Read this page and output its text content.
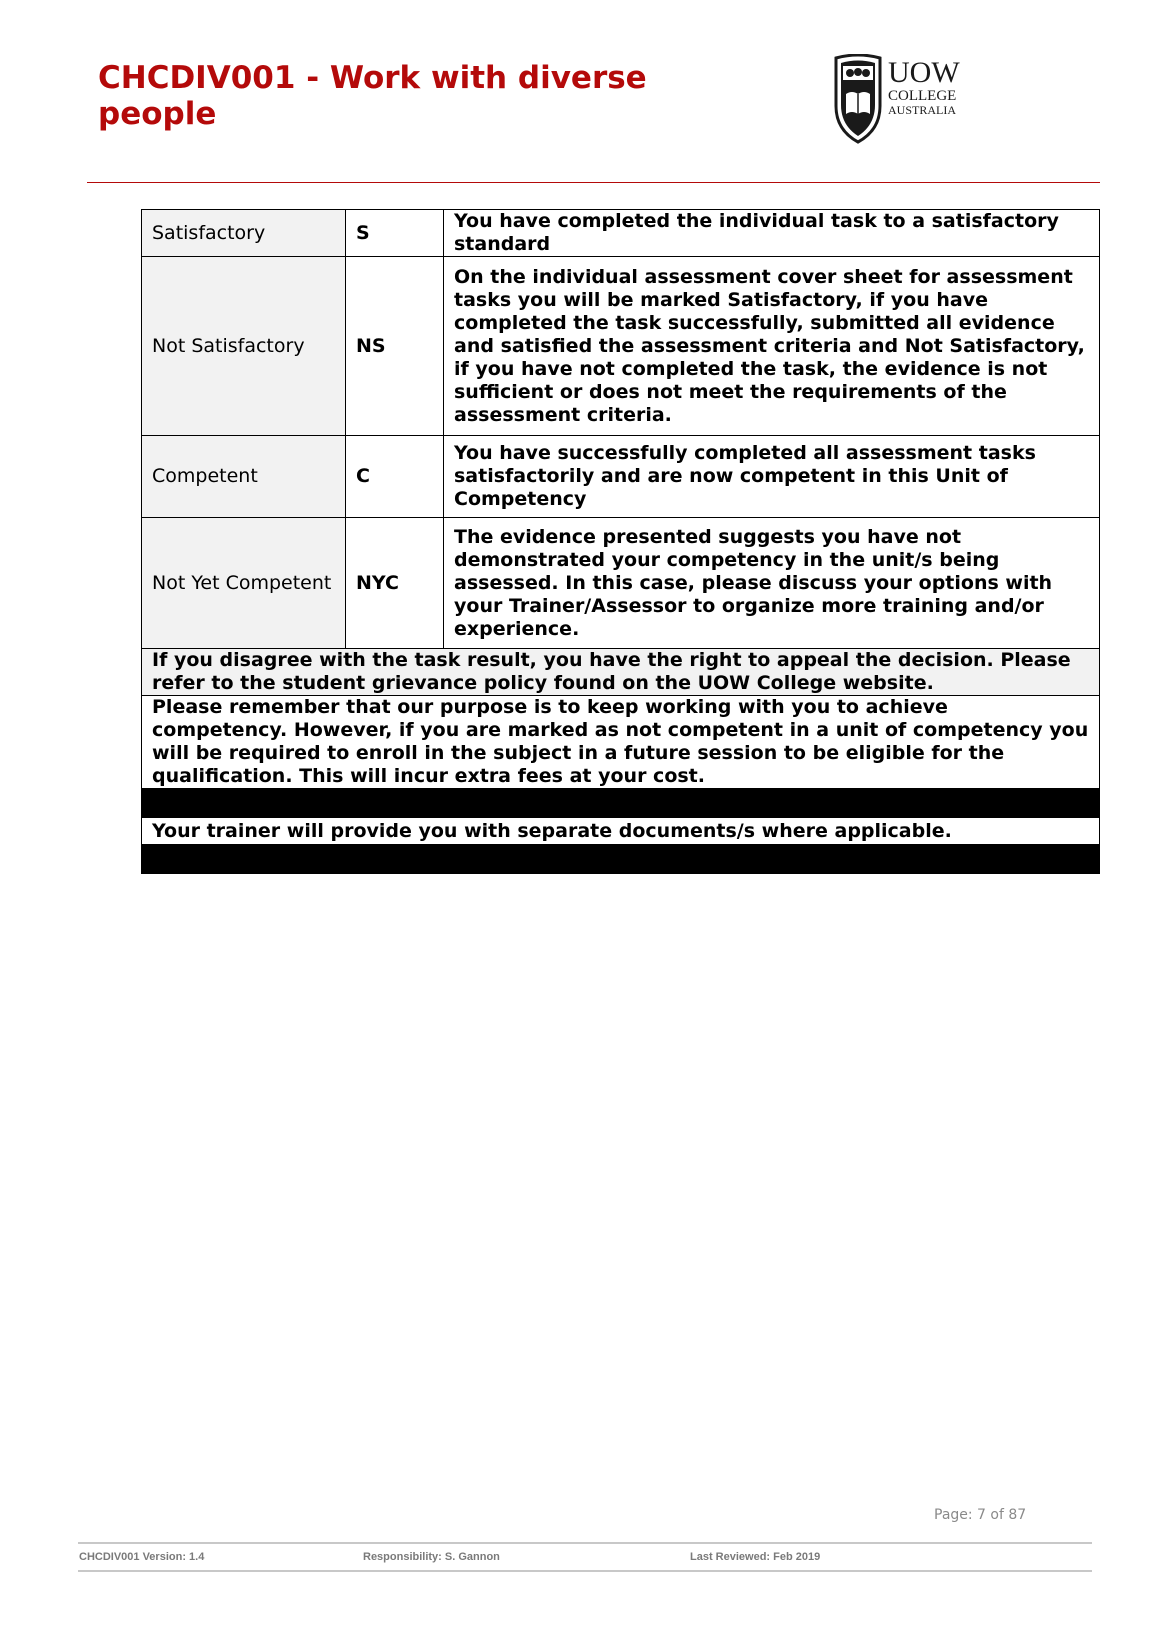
CHCDIV001 - Work with diverse people
UOW
COLLEGE
AUSTRALIA
Satisfactory	S	You have completed the individual task to a satisfactory standard
Not Satisfactory	NS	On the individual assessment cover sheet for assessment tasks you will be marked Satisfactory, if you have completed the task successfully, submitted all evidence and satisfied the assessment criteria and Not Satisfactory, if you have not completed the task, the evidence is not sufficient or does not meet the requirements of the assessment criteria.
Competent	C	You have successfully completed all assessment tasks satisfactorily and are now competent in this Unit of Competency
Not Yet Competent	NYC	The evidence presented suggests you have not demonstrated your competency in the unit/s being assessed. In this case, please discuss your options with your Trainer/Assessor to organize more training and/or experience.
If you disagree with the task result, you have the right to appeal the decision. Please refer to the student grievance policy found on the UOW College website.		
Please remember that our purpose is to keep working with you to achieve competency. However, if you are marked as not competent in a unit of competency you will be required to enroll in the subject in a future session to be eligible for the qualification. This will incur extra fees at your cost.		

Your trainer will provide you with separate documents/s where applicable.		

Page: 7 of 87
CHCDIV001 Version: 1.4	Responsibility: S. Gannon	Last Reviewed: Feb 2019
